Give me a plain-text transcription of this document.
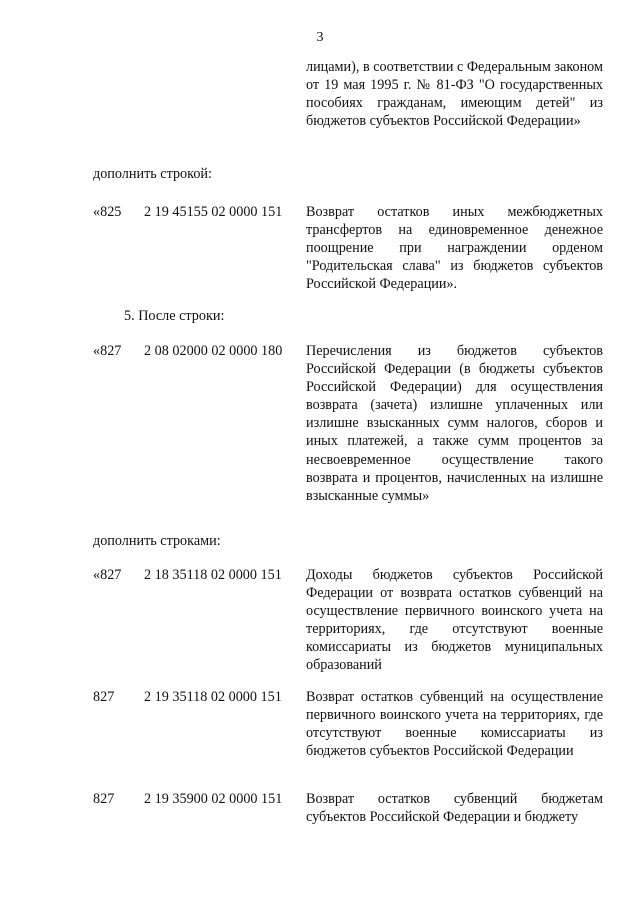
3
лицами), в соответствии с Федеральным законом от 19 мая 1995 г. № 81-ФЗ "О государственных пособиях гражданам, имеющим детей" из бюджетов субъектов Российской Федерации»
дополнить строкой:
«825 2 19 45155 02 0000 151 Возврат остатков иных межбюджетных трансфертов на единовременное денежное поощрение при награждении орденом "Родительская слава" из бюджетов субъектов Российской Федерации».
5. После строки:
«827 2 08 02000 02 0000 180 Перечисления из бюджетов субъектов Российской Федерации (в бюджеты субъектов Российской Федерации) для осуществления возврата (зачета) излишне уплаченных или излишне взысканных сумм налогов, сборов и иных платежей, а также сумм процентов за несвоевременное осуществление такого возврата и процентов, начисленных на излишне взысканные суммы»
дополнить строками:
«827 2 18 35118 02 0000 151 Доходы бюджетов субъектов Российской Федерации от возврата остатков субвенций на осуществление первичного воинского учета на территориях, где отсутствуют военные комиссариаты из бюджетов муниципальных образований
827 2 19 35118 02 0000 151 Возврат остатков субвенций на осуществление первичного воинского учета на территориях, где отсутствуют военные комиссариаты из бюджетов субъектов Российской Федерации
827 2 19 35900 02 0000 151 Возврат остатков субвенций бюджетам субъектов Российской Федерации и бюджету
